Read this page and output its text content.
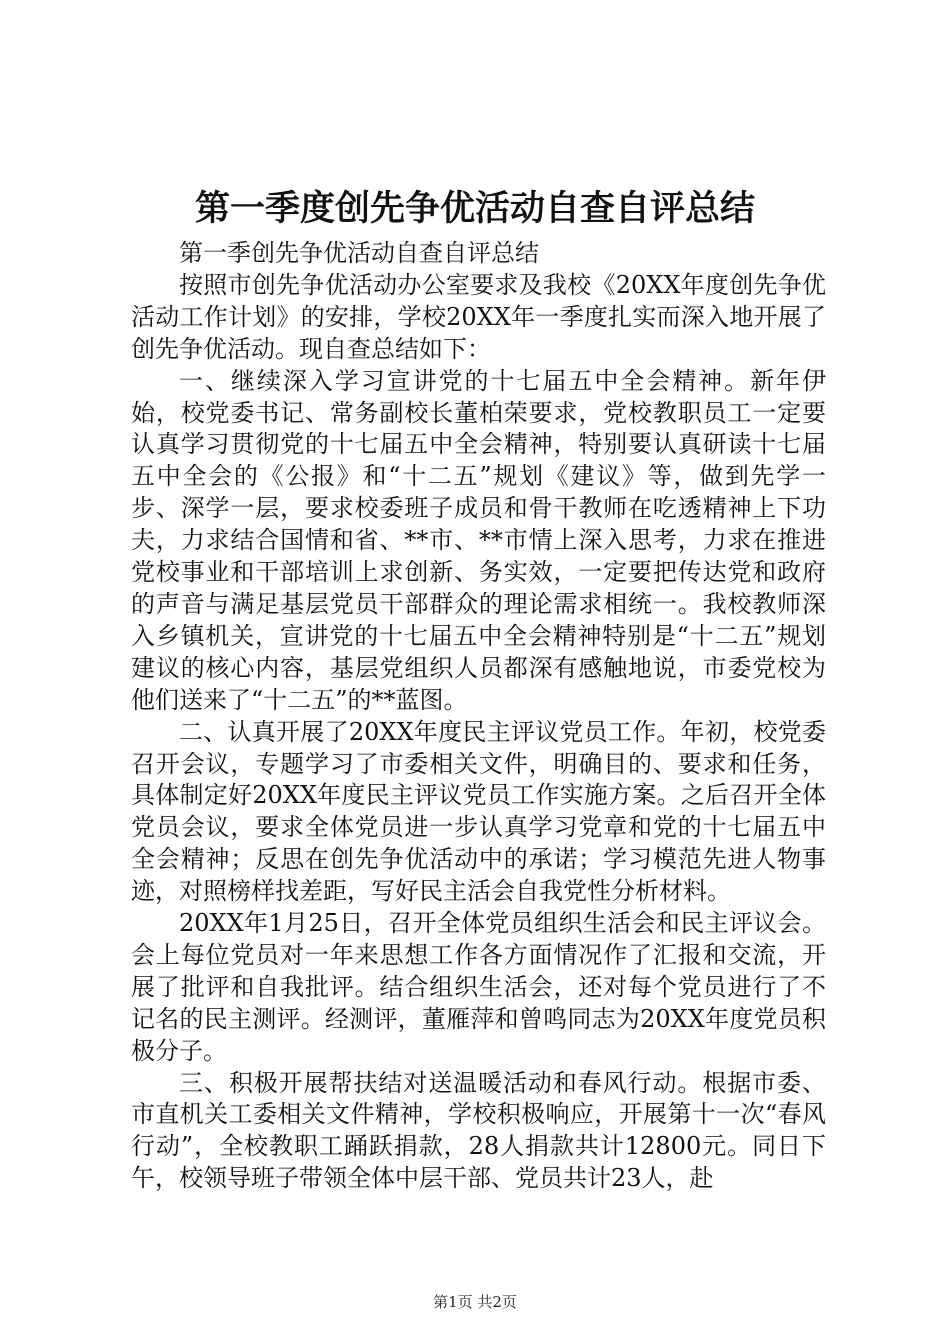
第一季度创先争优活动自查自评总结

第一季创先争优活动自查自评总结

按照市创先争优活动办公室要求及我校《20XX年度创先争优活动工作计划》的安排，学校20XX年一季度扎实而深入地开展了创先争优活动。现自查总结如下：

一、继续深入学习宣讲党的十七届五中全会精神。新年伊始，校党委书记、常务副校长董柏荣要求，党校教职员工一定要认真学习贯彻党的十七届五中全会精神，特别要认真研读十七届五中全会的《公报》和“十二五”规划《建议》等，做到先学一步、深学一层，要求校委班子成员和骨干教师在吃透精神上下功夫，力求结合国情和省、**市、**市情上深入思考，力求在推进党校事业和干部培训上求创新、务实效，一定要把传达党和政府的声音与满足基层党员干部群众的理论需求相统一。我校教师深入乡镇机关，宣讲党的十七届五中全会精神特别是“十二五”规划建议的核心内容，基层党组织人员都深有感触地说，市委党校为他们送来了“十二五”的**蓝图。

二、认真开展了20XX年度民主评议党员工作。年初，校党委召开会议，专题学习了市委相关文件，明确目的、要求和任务，具体制定好20XX年度民主评议党员工作实施方案。之后召开全体党员会议，要求全体党员进一步认真学习党章和党的十七届五中全会精神；反思在创先争优活动中的承诺；学习模范先进人物事迹，对照榜样找差距，写好民主活会自我党性分析材料。

20XX年1月25日，召开全体党员组织生活会和民主评议会。会上每位党员对一年来思想工作各方面情况作了汇报和交流，开展了批评和自我批评。结合组织生活会，还对每个党员进行了不记名的民主测评。经测评，董雁萍和曾鸣同志为20XX年度党员积极分子。

三、积极开展帮扶结对送温暖活动和春风行动。根据市委、市直机关工委相关文件精神，学校积极响应，开展第十一次“春风行动”，全校教职工踊跃捐款，28人捐款共计12800元。同日下午，校领导班子带领全体中层干部、党员共计23人，赴

第1页 共2页
